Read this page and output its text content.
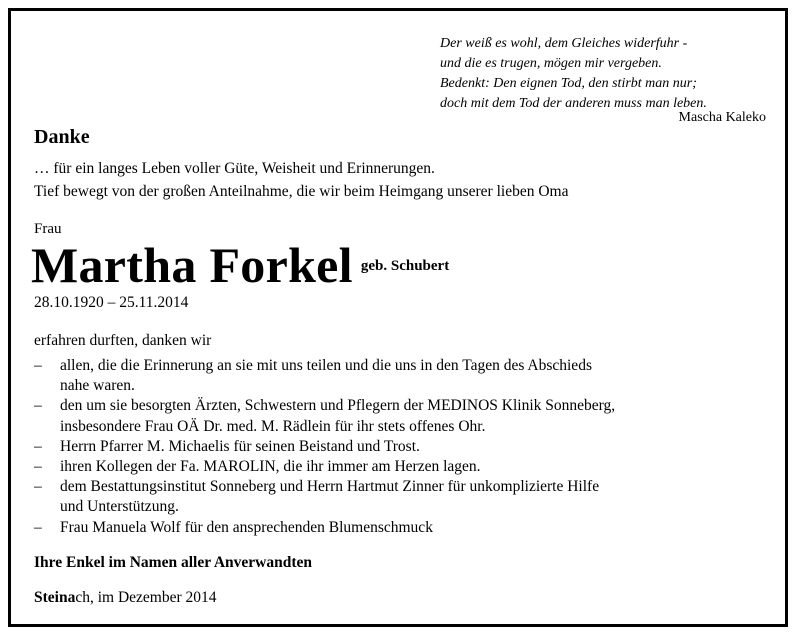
Der weiß es wohl, dem Gleiches widerfuhr -
und die es trugen, mögen mir vergeben.
Bedenkt: Den eignen Tod, den stirbt man nur;
doch mit dem Tod der anderen muss man leben.
Mascha Kaleko
Danke
… für ein langes Leben voller Güte, Weisheit und Erinnerungen.
Tief bewegt von der großen Anteilnahme, die wir beim Heimgang unserer lieben Oma
Frau
Martha Forkel geb. Schubert
28.10.1920 – 25.11.2014
erfahren durften, danken wir
– allen, die die Erinnerung an sie mit uns teilen und die uns in den Tagen des Abschieds
nahe waren.
– den um sie besorgten Ärzten, Schwestern und Pflegern der MEDINOS Klinik Sonneberg,
insbesondere Frau OÄ Dr. med. M. Rädlein für ihr stets offenes Ohr.
– Herrn Pfarrer M. Michaelis für seinen Beistand und Trost.
– ihren Kollegen der Fa. MAROLIN, die ihr immer am Herzen lagen.
– dem Bestattungsinstitut Sonneberg und Herrn Hartmut Zinner für unkomplizierte Hilfe
und Unterstützung.
– Frau Manuela Wolf für den ansprechenden Blumenschmuck
Ihre Enkel im Namen aller Anverwandten
Steinach, im Dezember 2014
